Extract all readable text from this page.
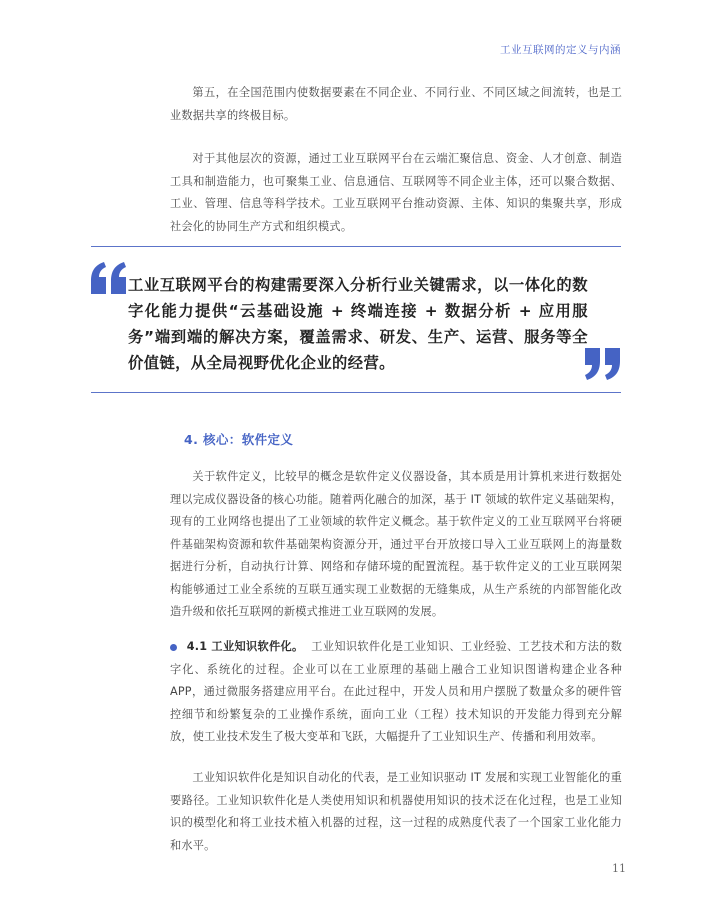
工业互联网的定义与内涵

第五，在全国范围内使数据要素在不同企业、不同行业、不同区域之间流转，也是工业数据共享的终极目标。

对于其他层次的资源，通过工业互联网平台在云端汇聚信息、资金、人才创意、制造工具和制造能力，也可聚集工业、信息通信、互联网等不同企业主体，还可以聚合数据、工业、管理、信息等科学技术。工业互联网平台推动资源、主体、知识的集聚共享，形成社会化的协同生产方式和组织模式。

工业互联网平台的构建需要深入分析行业关键需求，以一体化的数字化能力提供“云基础设施 + 终端连接 + 数据分析 + 应用服务”端到端的解决方案，覆盖需求、研发、生产、运营、服务等全价值链，从全局视野优化企业的经营。

4. 核心：软件定义

关于软件定义，比较早的概念是软件定义仪器设备，其本质是用计算机来进行数据处理以完成仪器设备的核心功能。随着两化融合的加深，基于 IT 领域的软件定义基础架构，现有的工业网络也提出了工业领域的软件定义概念。基于软件定义的工业互联网平台将硬件基础架构资源和软件基础架构资源分开，通过平台开放接口导入工业互联网上的海量数据进行分析，自动执行计算、网络和存储环境的配置流程。基于软件定义的工业互联网架构能够通过工业全系统的互联互通实现工业数据的无缝集成，从生产系统的内部智能化改造升级和依托互联网的新模式推进工业互联网的发展。

4.1 工业知识软件化。 工业知识软件化是工业知识、工业经验、工艺技术和方法的数字化、系统化的过程。企业可以在工业原理的基础上融合工业知识图谱构建企业各种 APP，通过微服务搭建应用平台。在此过程中，开发人员和用户摆脱了数量众多的硬件管控细节和纷繁复杂的工业操作系统，面向工业（工程）技术知识的开发能力得到充分解放，使工业技术发生了极大变革和飞跃，大幅提升了工业知识生产、传播和利用效率。

工业知识软件化是知识自动化的代表，是工业知识驱动 IT 发展和实现工业智能化的重要路径。工业知识软件化是人类使用知识和机器使用知识的技术泛在化过程，也是工业知识的模型化和将工业技术植入机器的过程，这一过程的成熟度代表了一个国家工业化能力和水平。

11
